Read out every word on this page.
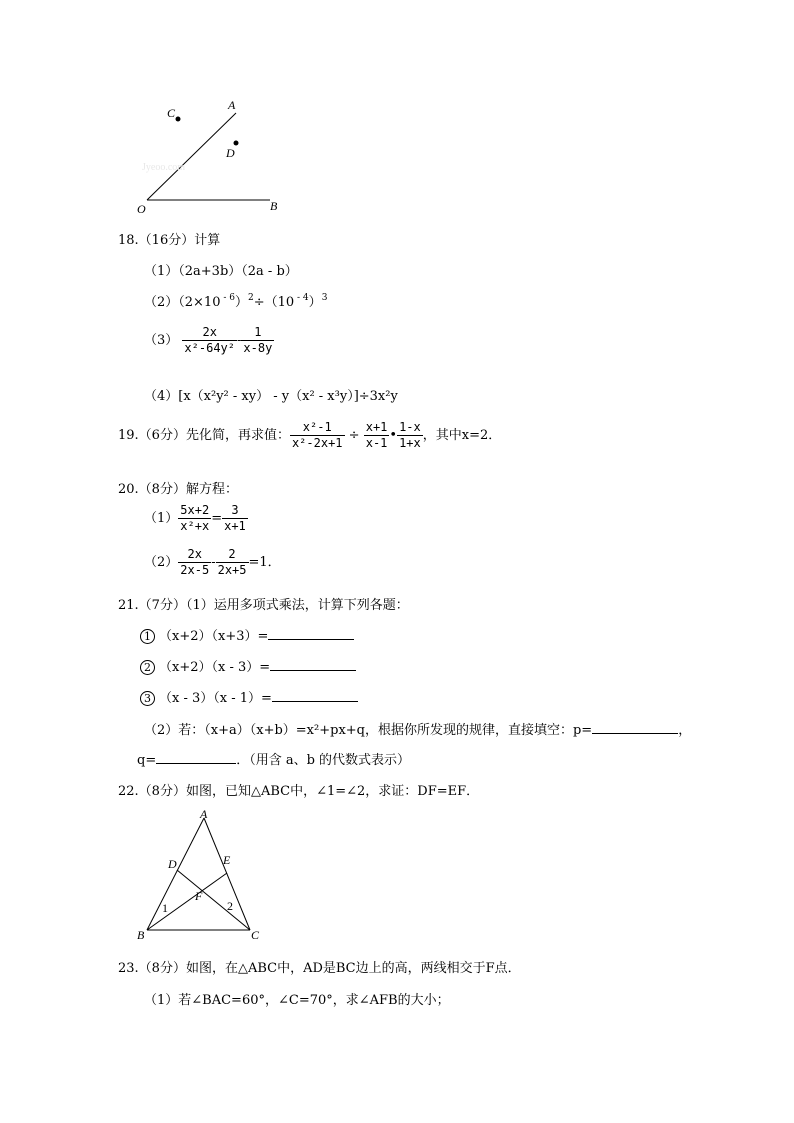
A
B
C
D
O
Jyeoo.com
18.（16分）计算
（1）（2a+3b）（2a - b）
（2）（2×10 $^{- 6}$）$^2$÷（10 $^{- 4}$）$^3$
$(3) \frac{2x}{\text{x²-64y²}} - \frac{1}{x-8y}$
（4）[x（x²y² - xy） - y（x² - x³y）]÷3x²y
19.（6分）先化简，再求值： $\frac{\text{x²-1}}{\text{x²-2x+1}} \div \frac{x+1}{x-1}$ • $\frac{1-x}{1+x}$ ，其中x=2．
20.（8分）解方程：
$(1) \frac{5x+2}{\text{x²+x}} = \frac{3}{x+1}$
$(2) \frac{2x}{2x-5} - \frac{2}{2x+5} =1$．
21.（7分）（1）运用多项式乘法，计算下列各题：
1 （x+2）（x+3）=
2 （x+2）（x - 3）=
3 （x - 3）（x - 1）=
（2）若：（x+a）（x+b）=x²+px+q，根据你所发现的规律，直接填空：p=	，
q=	．（用含 a、b 的代数式表示）
22.（8分）如图，已知△ABC中，∠1=∠2，求证：DF=EF．
A
B	C
D	E
F
1	2
23.（8分）如图，在△ABC中，AD是BC边上的高，两线相交于F点．
（1）若∠BAC=60°，∠C=70°，求∠AFB的大小；
